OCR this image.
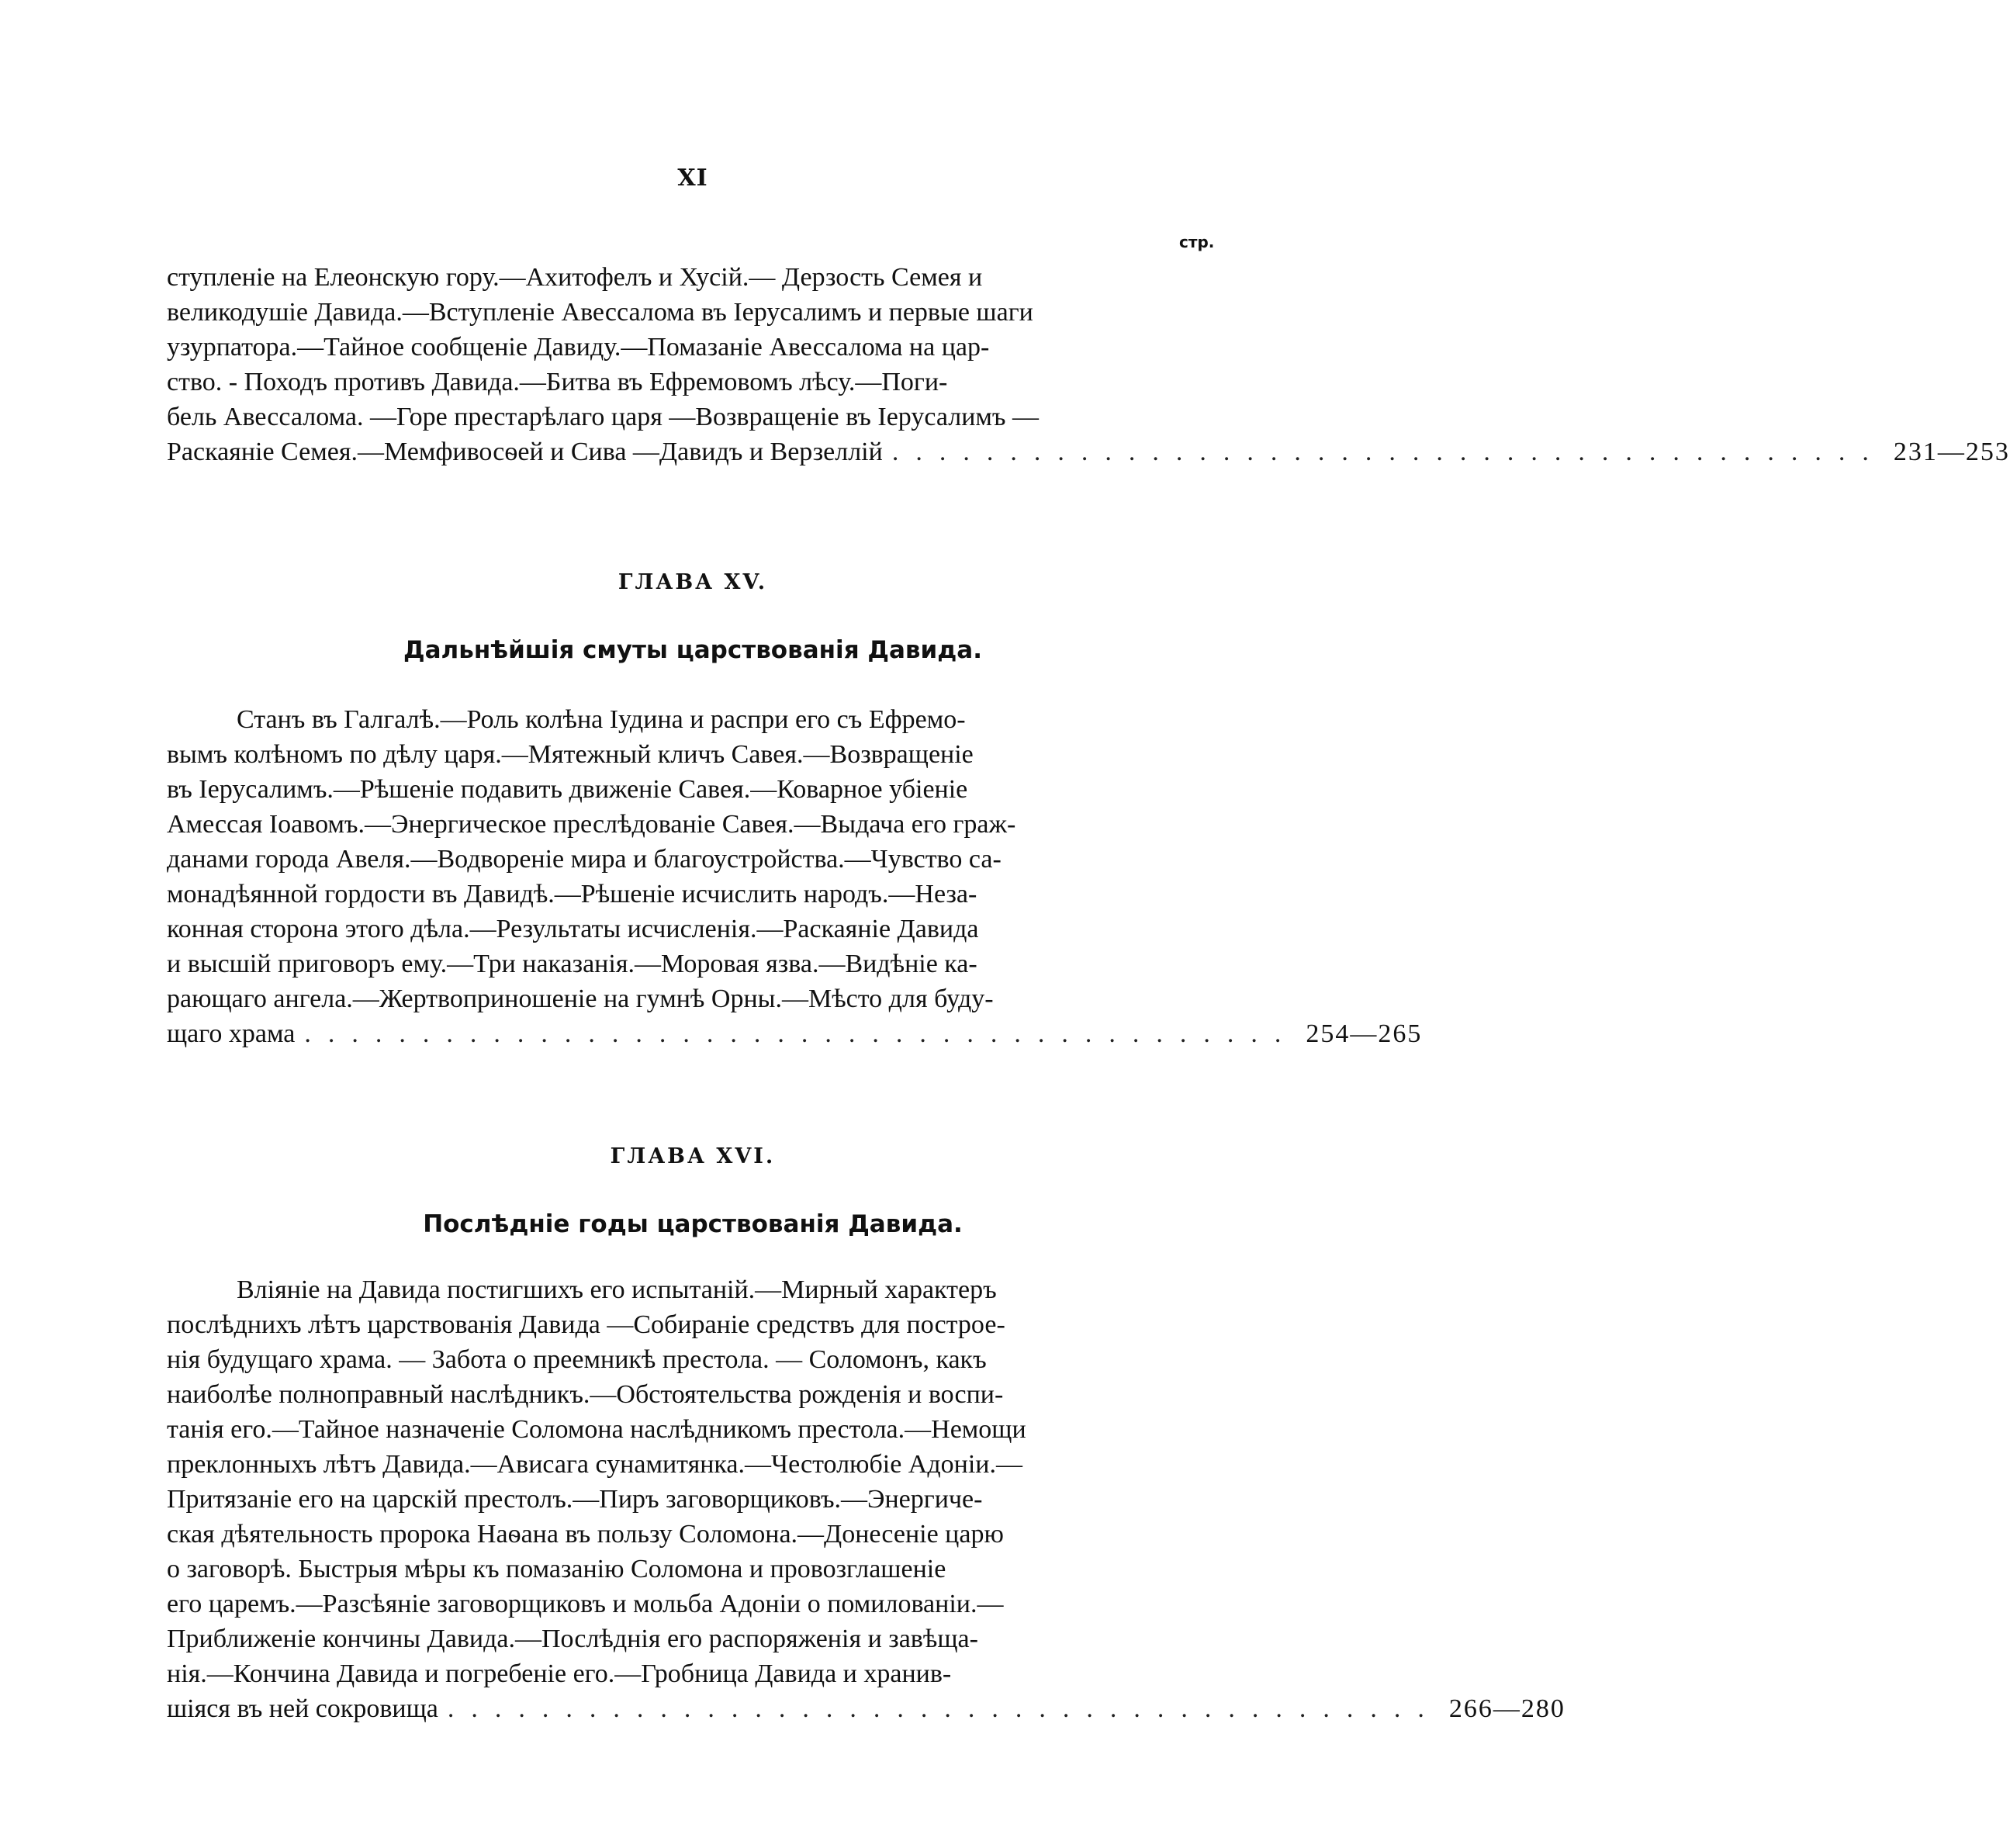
XI
стр.
ступленіе на Елеонскую гору.—Ахитофелъ и Хусій.— Дерзость Семея и
великодушіе Давида.—Вступленіе Авессалома въ Іерусалимъ и первые шаги
узурпатора.—Тайное сообщеніе Давиду.—Помазаніе Авессалома на цар-
ство. - Походъ противъ Давида.—Битва въ Ефремовомъ лѣсу.—Поги-
бель Авессалома. —Горе престарѣлаго царя —Возвращеніе въ Іерусалимъ —
Раскаяніе Семея.—Мемфивосѳей и Сива —Давидъ и Верзеллій .......................................... 231—253
ГЛАВА XV.
Дальнѣйшія смуты царствованія Давида.
Станъ въ Галгалѣ.—Роль колѣна Іудина и распри его съ Ефремо-
вымъ колѣномъ по дѣлу царя.—Мятежный кличъ Савея.—Возвращеніе
въ Іерусалимъ.—Рѣшеніе подавить движеніе Савея.—Коварное убіеніе
Амессая Іоавомъ.—Энергическое преслѣдованіе Савея.—Выдача его граж-
данами города Авеля.—Водвореніе мира и благоустройства.—Чувство са-
монадѣянной гордости въ Давидѣ.—Рѣшеніе исчислить народъ.—Неза-
конная сторона этого дѣла.—Результаты исчисленія.—Раскаяніе Давида
и высшій приговоръ ему.—Три наказанія.—Моровая язва.—Видѣніе ка-
рающаго ангела.—Жертвоприношеніе на гумнѣ Орны.—Мѣсто для буду-
щаго храма .......................................... 254—265
ГЛАВА XVI.
Послѣдніе годы царствованія Давида.
Вліяніе на Давида постигшихъ его испытаній.—Мирный характеръ
послѣднихъ лѣтъ царствованія Давида —Собираніе средствъ для построе-
нія будущаго храма. — Забота о преемникѣ престола. — Соломонъ, какъ
наиболѣе полноправный наслѣдникъ.—Обстоятельства рожденія и воспи-
танія его.—Тайное назначеніе Соломона наслѣдникомъ престола.—Немощи
преклонныхъ лѣтъ Давида.—Ависага сунамитянка.—Честолюбіе Адоніи.—
Притязаніе его на царскій престолъ.—Пиръ заговорщиковъ.—Энергиче-
ская дѣятельность пророка Наѳана въ пользу Соломона.—Донесеніе царю
о заговорѣ. Быстрыя мѣры къ помазанію Соломона и провозглашеніе
его царемъ.—Разсѣяніе заговорщиковъ и мольба Адоніи о помилованіи.—
Приближеніе кончины Давида.—Послѣднія его распоряженія и завѣща-
нія.—Кончина Давида и погребеніе его.—Гробница Давида и хранив-
шіяся въ ней сокровища .......................................... 266—280
